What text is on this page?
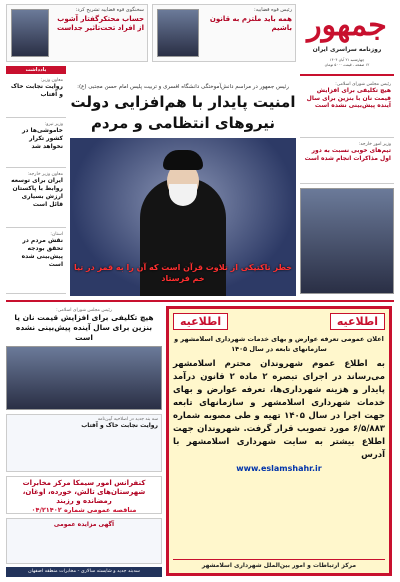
جمهور
روزنامه سراسری ایران
چهارشنبه ۲۱ آبان ۱۴۰۴
۱۲ صفحه - قیمت ۵۰۰۰ تومان
رئیس قوه قضاییه:
همه باید ملتزم به قانون باشیم
سخنگوی قوه قضاییه تشریح کرد:
حساب محتکرگفتار آشوب از افراد تحت‌تاثیر جداست
رئیس مجلس شورای اسلامی:
هیچ تکلیفی برای افزایش قیمت نان با بنزین برای سال آینده پیش‌بینی نشده است
وزیر امور خارجه:
تیم‌های خوبی نسبت به دور اول مذاکرات انجام شده است
یادداشت
معاون وزیر:
روایت نجابت خاک و آفتاب
وزیر نیرو:
خاموشی‌ها در کشور تکرار نخواهد شد
معاون وزیر خارجه:
ایران برای توسعه روابط با پاکستان ارزش بسیاری قائل است
استان:
نقش مردم در تحقق بودجه پیش‌بینی شده است
رئیس جمهور در مراسم دانش‌آموختگی دانشگاه افسری و تربیت پلیس امام حسن مجتبی (ع):
امنیت پایدار با هم‌افزایی دولت نیروهای انتظامی و مردم
خطر تاکتیکی از تلاوت قرآن است که آن را به قمر در تیا خم فرستاد
رئیس مجلس شورای اسلامی:
هیچ تکلیفی برای افزایش قیمت نان یا بنزین برای سال آینده پیش‌بینی نشده است
سه بند جدید در اصلاحیه آیین‌نامه
روایت نجابت خاک و آفتاب
کنفرانس امور سیمکا مرکز مخابرات شهرستان‌های تالش، خورده، اوغان، رمضانده و رزبند
مناقصه عمومی شماره ۰۴/۲۱۴۰۲
آگهی مزایده عمومی
سه‌بند جدید و شایسته سالاری - مخابرات منطقه اصفهان
اطلاعیه
اطلاعیه
اعلان عمومی تعرفه عوارض و بهای خدمات شهرداری اسلامشهر و سازمانهای تابعه در سال ۱۴۰۵
به اطلاع عموم شهروندان محترم اسلامشهر می‌رساند در اجرای تبصره ۲ ماده ۲ قانون درآمد پایدار و هزینه شهرداری‌ها، تعرفه عوارض و بهای خدمات شهرداری اسلامشهر و سازمانهای تابعه جهت اجرا در سال ۱۴۰۵ تهیه و طی مصوبه شماره ۶/۵/۸۸۳ مورد تصویب قرار گرفت. شهروندان جهت اطلاع بیشتر به سایت شهرداری اسلامشهر با آدرس
www.eslamshahr.ir
مرکز ارتباطات و امور بین‌الملل شهرداری اسلامشهر
